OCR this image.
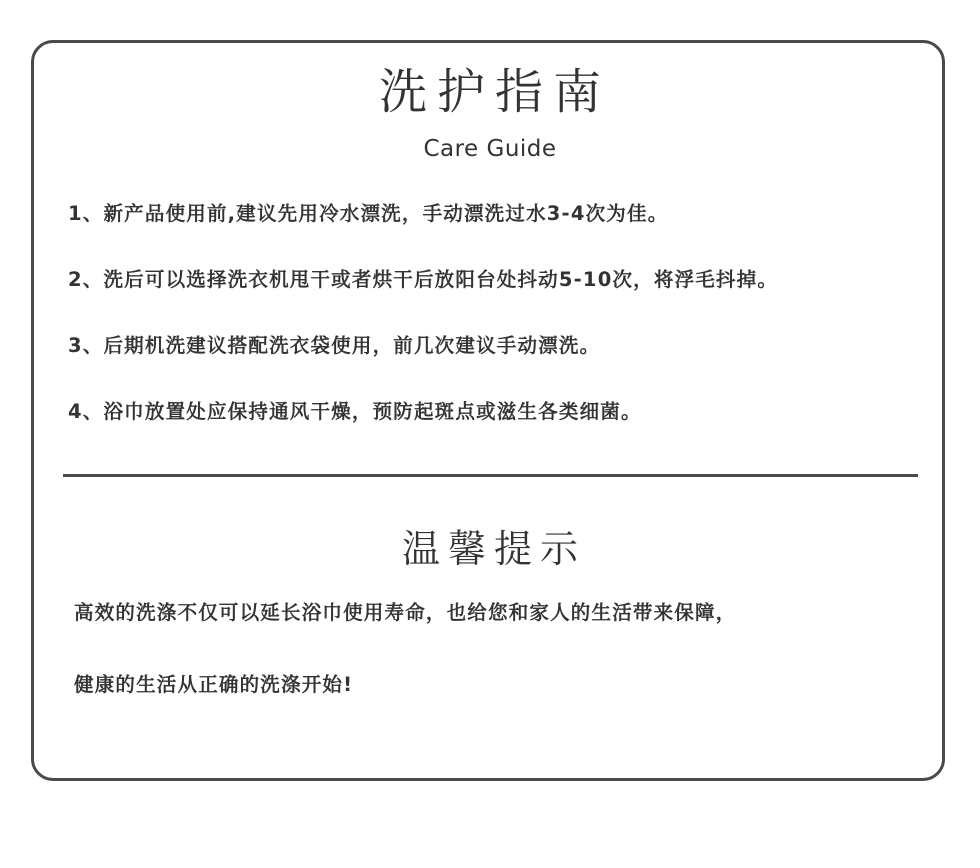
洗护指南
Care Guide
1、新产品使用前,建议先用冷水漂洗，手动漂洗过水3-4次为佳。
2、洗后可以选择洗衣机甩干或者烘干后放阳台处抖动5-10次，将浮毛抖掉。
3、后期机洗建议搭配洗衣袋使用，前几次建议手动漂洗。
4、浴巾放置处应保持通风干燥，预防起斑点或滋生各类细菌。
温馨提示
高效的洗涤不仅可以延长浴巾使用寿命，也给您和家人的生活带来保障，
健康的生活从正确的洗涤开始!
